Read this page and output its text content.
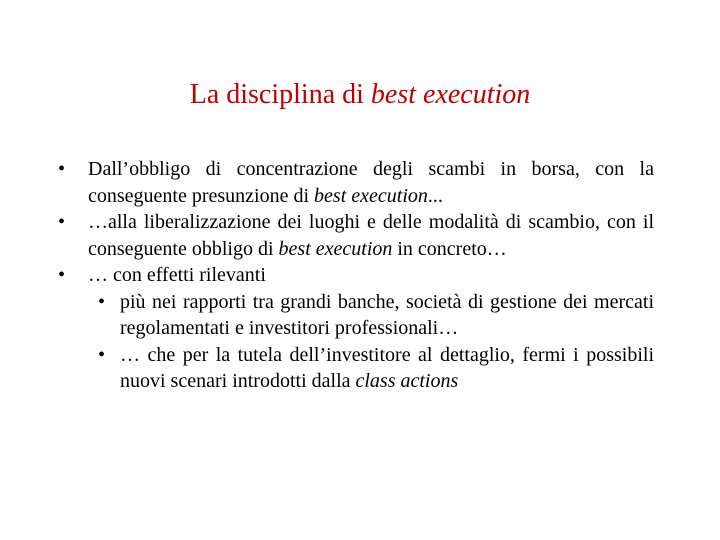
La disciplina di best execution
•	Dall’obbligo di concentrazione degli scambi in borsa, con la conseguente presunzione di best execution...
•	…alla liberalizzazione dei luoghi e delle modalità di scambio, con il conseguente obbligo di best execution in concreto…
•	… con effetti rilevanti
• più nei rapporti tra grandi banche, società di gestione dei mercati regolamentati e investitori professionali…
• … che per la tutela dell’investitore al dettaglio, fermi i possibili nuovi scenari introdotti dalla class actions
